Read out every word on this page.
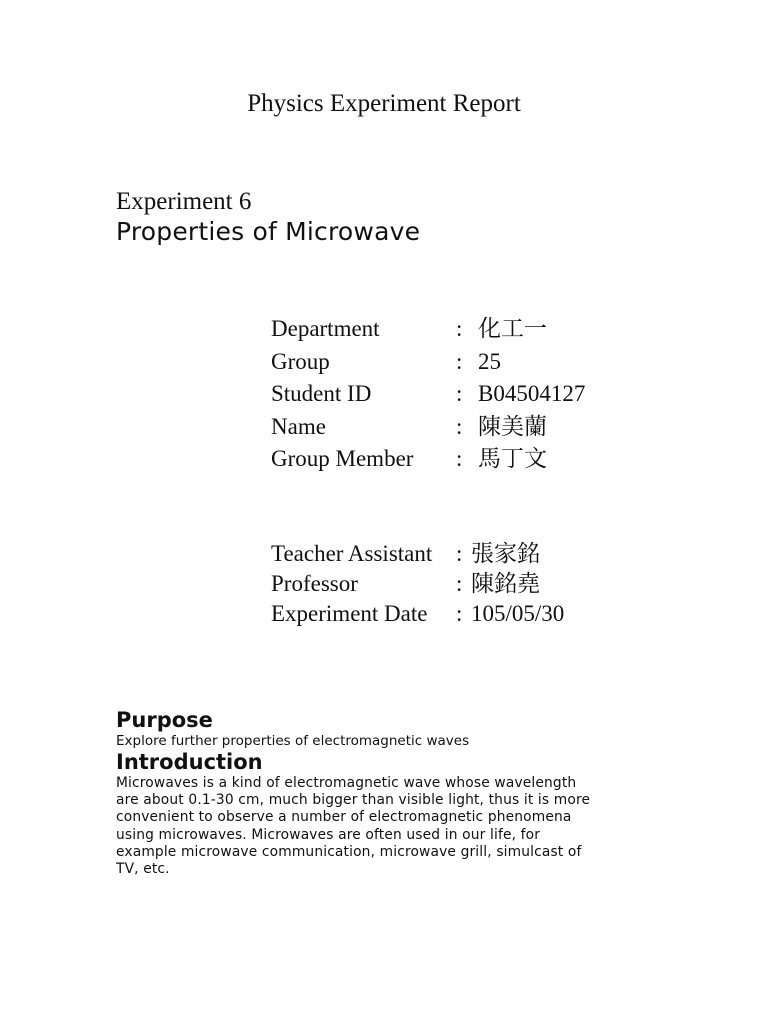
Physics Experiment Report
Experiment 6
Properties of Microwave
Department	: 化工一
Group	: 25
Student ID	: B04504127
Name	: 陳美蘭
Group Member : 馬丁文
Teacher Assistant : 張家銘
Professor	: 陳銘堯
Experiment Date : 105/05/30
Purpose
Explore further properties of electromagnetic waves
Introduction
Microwaves is a kind of electromagnetic wave whose wavelength
are about 0.1-30 cm, much bigger than visible light, thus it is more
convenient to observe a number of electromagnetic phenomena
using microwaves. Microwaves are often used in our life, for
example microwave communication, microwave grill, simulcast of
TV, etc.
